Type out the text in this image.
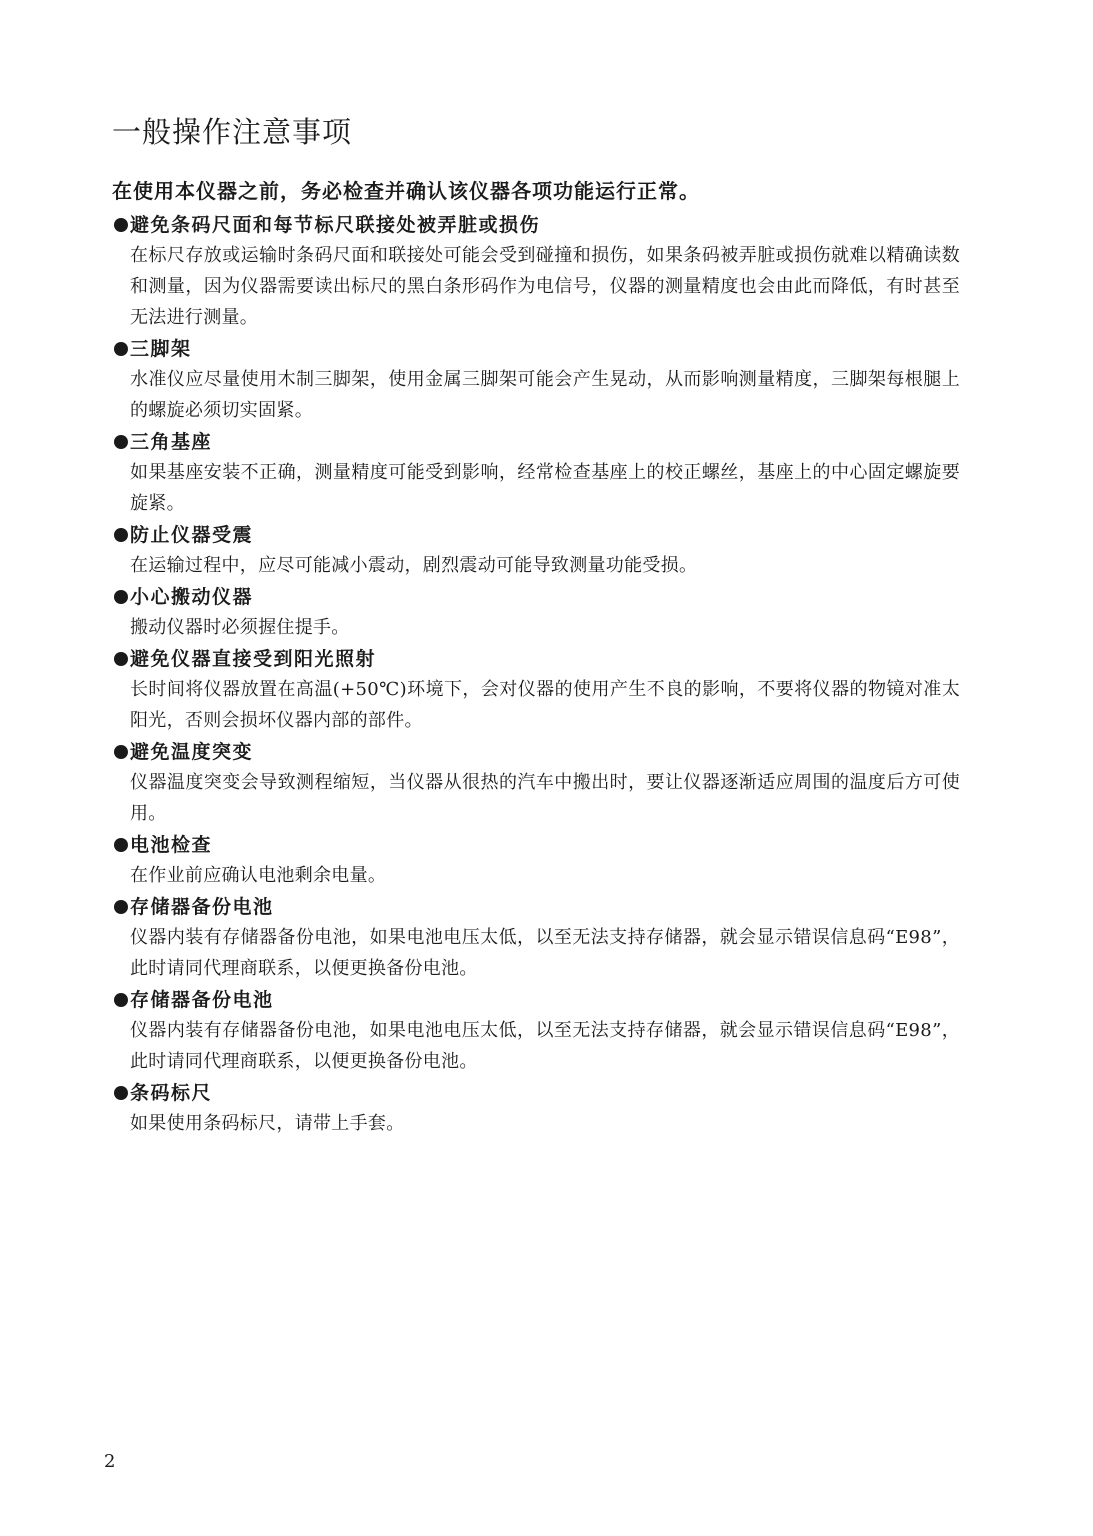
一般操作注意事项

在使用本仪器之前，务必检查并确认该仪器各项功能运行正常。

避免条码尺面和每节标尺联接处被弄脏或损伤

在标尺存放或运输时条码尺面和联接处可能会受到碰撞和损伤，如果条码被弄脏或损伤就难以精确读数和测量，因为仪器需要读出标尺的黑白条形码作为电信号，仪器的测量精度也会由此而降低，有时甚至无法进行测量。

三脚架

水准仪应尽量使用木制三脚架，使用金属三脚架可能会产生晃动，从而影响测量精度，三脚架每根腿上的螺旋必须切实固紧。

三角基座

如果基座安装不正确，测量精度可能受到影响，经常检查基座上的校正螺丝，基座上的中心固定螺旋要旋紧。

防止仪器受震

在运输过程中，应尽可能减小震动，剧烈震动可能导致测量功能受损。

小心搬动仪器

搬动仪器时必须握住提手。

避免仪器直接受到阳光照射

长时间将仪器放置在高温(+50℃)环境下，会对仪器的使用产生不良的影响，不要将仪器的物镜对准太阳光，否则会损坏仪器内部的部件。

避免温度突变

仪器温度突变会导致测程缩短，当仪器从很热的汽车中搬出时，要让仪器逐渐适应周围的温度后方可使用。

电池检查

在作业前应确认电池剩余电量。

存储器备份电池

仪器内装有存储器备份电池，如果电池电压太低，以至无法支持存储器，就会显示错误信息码“E98”，此时请同代理商联系，以便更换备份电池。

存储器备份电池

仪器内装有存储器备份电池，如果电池电压太低，以至无法支持存储器，就会显示错误信息码“E98”，此时请同代理商联系，以便更换备份电池。

条码标尺

如果使用条码标尺，请带上手套。

2
